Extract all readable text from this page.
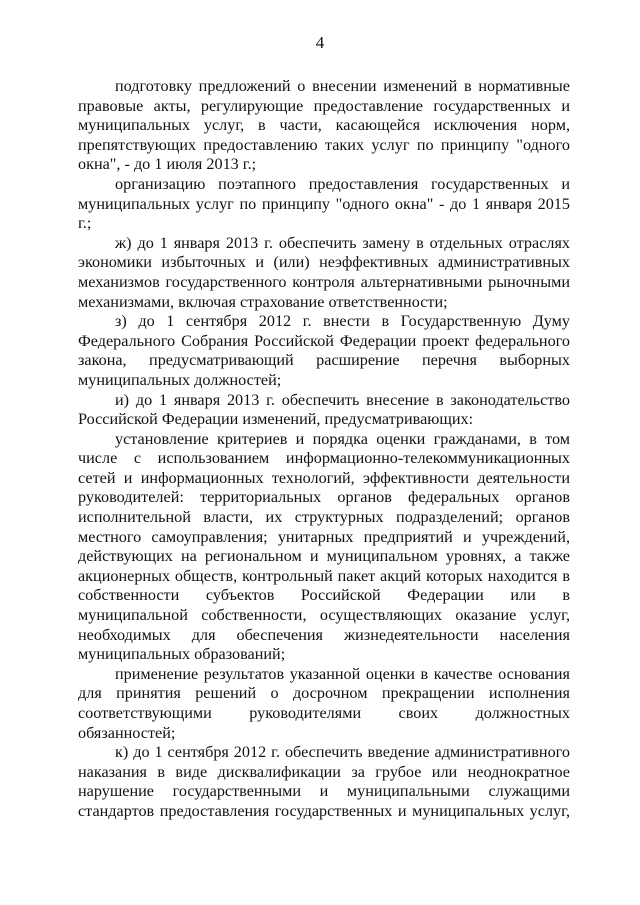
4

подготовку предложений о внесении изменений в нормативные правовые акты, регулирующие предоставление государственных и муниципальных услуг, в части, касающейся исключения норм, препятствующих предоставлению таких услуг по принципу "одного окна", - до 1 июля 2013 г.;

организацию поэтапного предоставления государственных и муниципальных услуг по принципу "одного окна" - до 1 января 2015 г.;

ж) до 1 января 2013 г. обеспечить замену в отдельных отраслях экономики избыточных и (или) неэффективных административных механизмов государственного контроля альтернативными рыночными механизмами, включая страхование ответственности;

з) до 1 сентября 2012 г. внести в Государственную Думу Федерального Собрания Российской Федерации проект федерального закона, предусматривающий расширение перечня выборных муниципальных должностей;

и) до 1 января 2013 г. обеспечить внесение в законодательство Российской Федерации изменений, предусматривающих:

установление критериев и порядка оценки гражданами, в том числе с использованием информационно-телекоммуникационных сетей и информационных технологий, эффективности деятельности руководителей: территориальных органов федеральных органов исполнительной власти, их структурных подразделений; органов местного самоуправления; унитарных предприятий и учреждений, действующих на региональном и муниципальном уровнях, а также акционерных обществ, контрольный пакет акций которых находится в собственности субъектов Российской Федерации или в муниципальной собственности, осуществляющих оказание услуг, необходимых для обеспечения жизнедеятельности населения муниципальных образований;

применение результатов указанной оценки в качестве основания для принятия решений о досрочном прекращении исполнения соответствующими руководителями своих должностных обязанностей;

к) до 1 сентября 2012 г. обеспечить введение административного наказания в виде дисквалификации за грубое или неоднократное нарушение государственными и муниципальными служащими стандартов предоставления государственных и муниципальных услуг,
